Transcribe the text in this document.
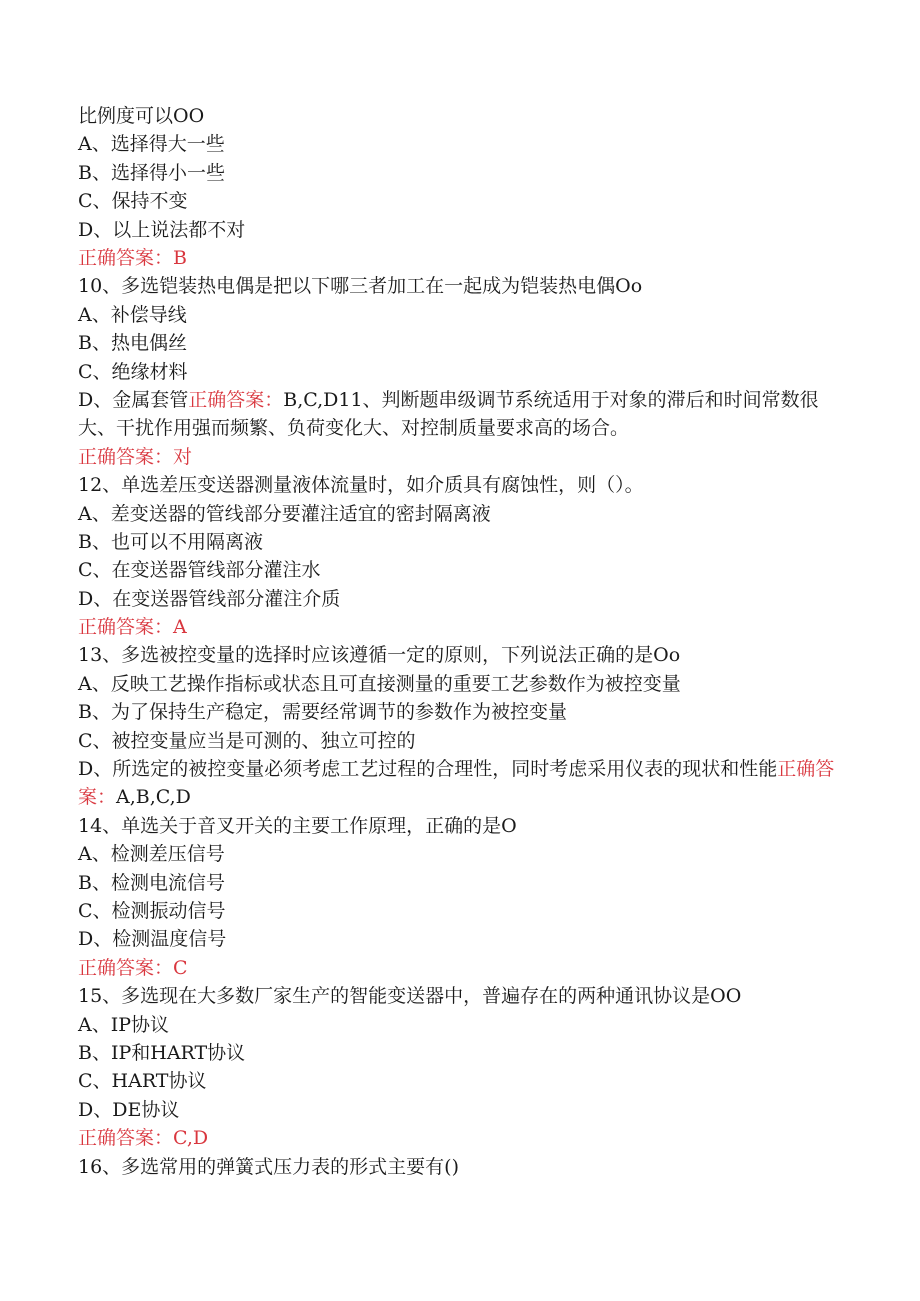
比例度可以OO
A、选择得大一些
B、选择得小一些
C、保持不变
D、以上说法都不对
正确答案：B
10、多选铠装热电偶是把以下哪三者加工在一起成为铠装热电偶Oo
A、补偿导线
B、热电偶丝
C、绝缘材料
D、金属套管正确答案：B,C,D11、判断题串级调节系统适用于对象的滞后和时间常数很大、干扰作用强而频繁、负荷变化大、对控制质量要求高的场合。
正确答案：对
12、单选差压变送器测量液体流量时，如介质具有腐蚀性，则（）。
A、差变送器的管线部分要灌注适宜的密封隔离液
B、也可以不用隔离液
C、在变送器管线部分灌注水
D、在变送器管线部分灌注介质
正确答案：A
13、多选被控变量的选择时应该遵循一定的原则，下列说法正确的是Oo
A、反映工艺操作指标或状态且可直接测量的重要工艺参数作为被控变量
B、为了保持生产稳定，需要经常调节的参数作为被控变量
C、被控变量应当是可测的、独立可控的
D、所选定的被控变量必须考虑工艺过程的合理性，同时考虑采用仪表的现状和性能正确答案：A,B,C,D
14、单选关于音叉开关的主要工作原理，正确的是O
A、检测差压信号
B、检测电流信号
C、检测振动信号
D、检测温度信号
正确答案：C
15、多选现在大多数厂家生产的智能变送器中，普遍存在的两种通讯协议是OO
A、IP协议
B、IP和HART协议
C、HART协议
D、DE协议
正确答案：C,D
16、多选常用的弹簧式压力表的形式主要有()
